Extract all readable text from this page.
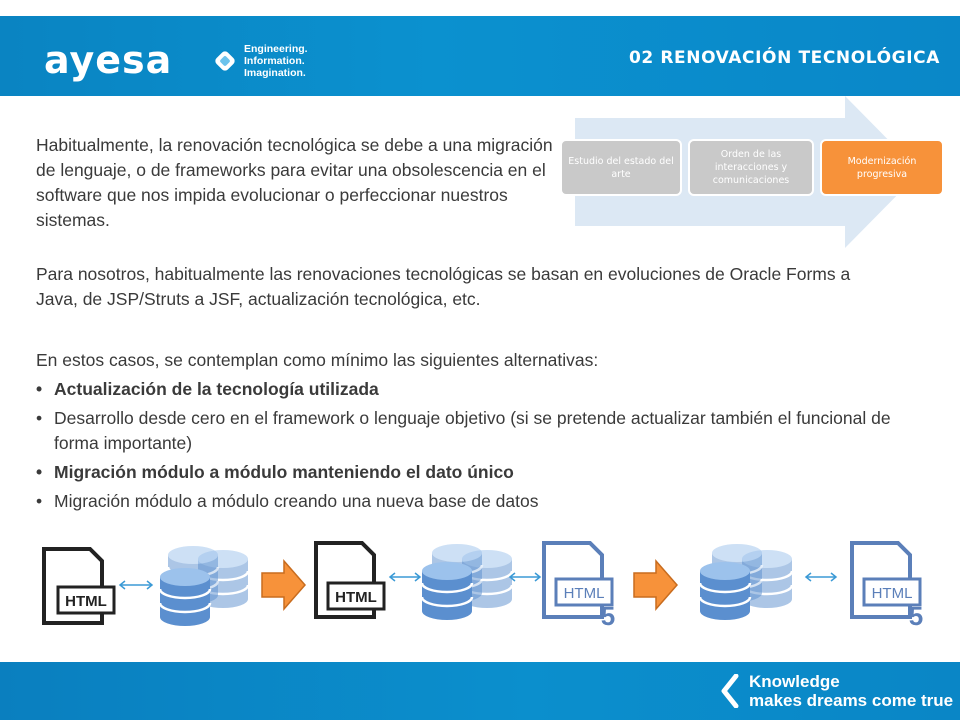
ayesa	Engineering.
Information.
Imagination.
02 RENOVACIÓN TECNOLÓGICA
Estudio del estado del arte
Orden de las interacciones y comunicaciones
Modernización progresiva
Habitualmente, la renovación tecnológica se debe a una migración de lenguaje, o de frameworks para evitar una obsolescencia en el software que nos impida evolucionar o perfeccionar nuestros sistemas.
Para nosotros, habitualmente las renovaciones tecnológicas se basan en evoluciones de Oracle Forms a Java, de JSP/Struts a JSF, actualización tecnológica, etc.
En estos casos, se contemplan como mínimo las siguientes alternativas:
• Actualización de la tecnología utilizada
• Desarrollo desde cero en el framework o lenguaje objetivo (si se pretende actualizar también el funcional de forma importante)
• Migración módulo a módulo manteniendo el dato único
• Migración módulo a módulo creando una nueva base de datos
HTML	HTML	HTML
5
HTML
5
Knowledge
makes dreams come true
